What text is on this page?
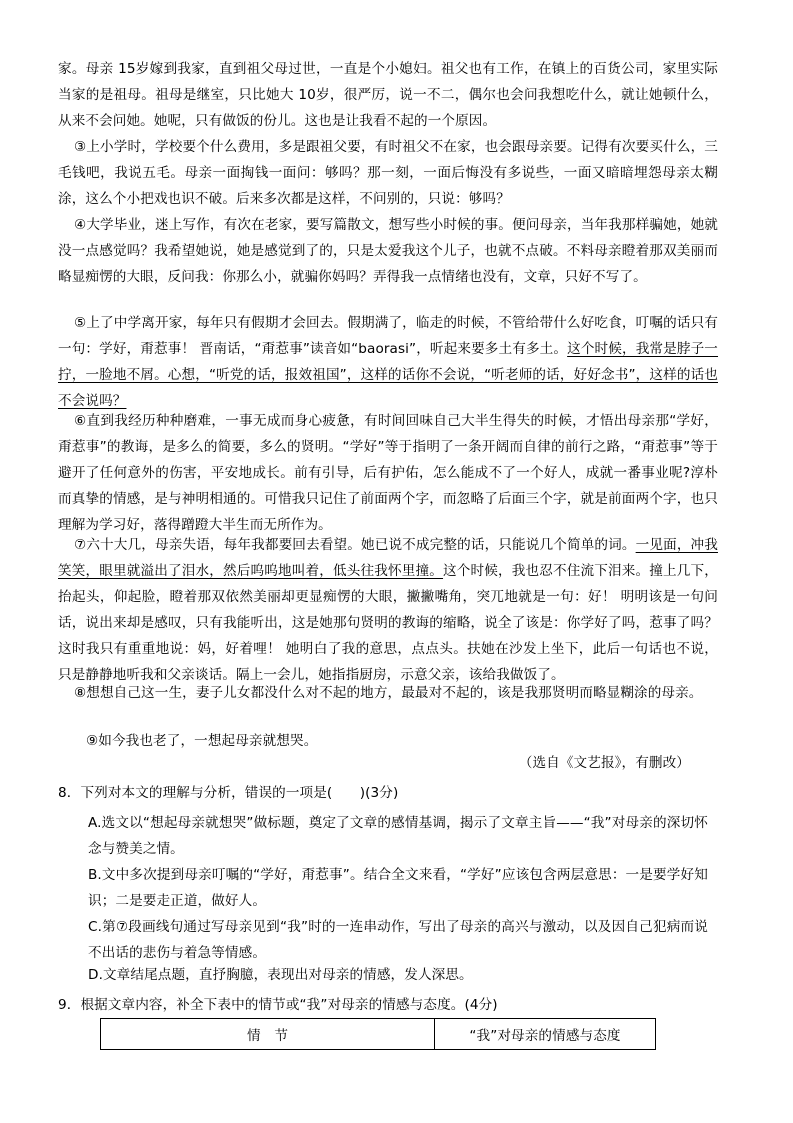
家。母亲 15岁嫁到我家，直到祖父母过世，一直是个小媳妇。祖父也有工作，在镇上的百货公司，家里实际当家的是祖母。祖母是继室，只比她大 10岁，很严厉，说一不二，偶尔也会问我想吃什么，就让她顿什么，从来不会问她。她呢，只有做饭的份儿。这也是让我看不起的一个原因。

③上小学时，学校要个什么费用，多是跟祖父要，有时祖父不在家，也会跟母亲要。记得有次要买什么，三毛钱吧，我说五毛。母亲一面掏钱一面问：够吗？那一刻，一面后悔没有多说些，一面又暗暗埋怨母亲太糊涂，这么个小把戏也识不破。后来多次都是这样，不问别的，只说：够吗？

④大学毕业，迷上写作，有次在老家，要写篇散文，想写些小时候的事。便问母亲，当年我那样骗她，她就没一点感觉吗？我希望她说，她是感觉到了的，只是太爱我这个儿子，也就不点破。不料母亲瞪着那双美丽而略显痴愣的大眼，反问我：你那么小，就骗你妈吗？弄得我一点情绪也没有，文章，只好不写了。

⑤上了中学离开家，每年只有假期才会回去。假期满了，临走的时候，不管给带什么好吃食，叮嘱的话只有一句：学好，甭惹事！ 晋南话，“甭惹事”读音如“baorasi”，听起来要多土有多土。这个时候，我常是脖子一拧，一脸地不屑。心想，“听党的话，报效祖国”，这样的话你不会说，“听老师的话，好好念书”，这样的话也不会说吗？

⑥直到我经历种种磨难，一事无成而身心疲惫，有时间回味自己大半生得失的时候，才悟出母亲那“学好，甭惹事”的教诲，是多么的简要，多么的贤明。“学好”等于指明了一条开阔而自律的前行之路，“甭惹事”等于避开了任何意外的伤害，平安地成长。前有引导，后有护佑，怎么能成不了一个好人，成就一番事业呢?淳朴而真挚的情感，是与神明相通的。可惜我只记住了前面两个字，而忽略了后面三个字，就是前面两个字，也只理解为学习好，落得蹭蹬大半生而无所作为。

⑦六十大几，母亲失语，每年我都要回去看望。她已说不成完整的话，只能说几个简单的词。一见面，冲我笑笑，眼里就溢出了泪水，然后呜呜地叫着，低头往我怀里撞。这个时候，我也忍不住流下泪来。撞上几下，抬起头，仰起脸，瞪着那双依然美丽却更显痴愣的大眼，撇撇嘴角，突兀地就是一句：好！ 明明该是一句问话，说出来却是感叹，只有我能听出，这是她那句贤明的教诲的缩略，说全了该是：你学好了吗，惹事了吗？这时我只有重重地说：妈，好着哩！ 她明白了我的意思，点点头。扶她在沙发上坐下，此后一句话也不说，只是静静地听我和父亲谈话。隔上一会儿，她指指厨房，示意父亲，该给我做饭了。

⑧想想自己这一生，妻子儿女都没什么对不起的地方，最最对不起的，该是我那贤明而略显糊涂的母亲。

⑨如今我也老了，一想起母亲就想哭。

（选自《文艺报》，有删改）

8．下列对本文的理解与分析，错误的一项是(　　)(3分)

A.选文以“想起母亲就想哭”做标题，奠定了文章的感情基调，揭示了文章主旨——“我”对母亲的深切怀念与赞美之情。

B.文中多次提到母亲叮嘱的“学好，甭惹事”。结合全文来看，“学好”应该包含两层意思：一是要学好知识；二是要走正道，做好人。

C.第⑦段画线句通过写母亲见到“我”时的一连串动作，写出了母亲的高兴与激动，以及因自己犯病而说不出话的悲伤与着急等情感。

D.文章结尾点题，直抒胸臆，表现出对母亲的情感，发人深思。

9．根据文章内容，补全下表中的情节或“我”对母亲的情感与态度。(4分)

情　节	“我”对母亲的情感与态度
